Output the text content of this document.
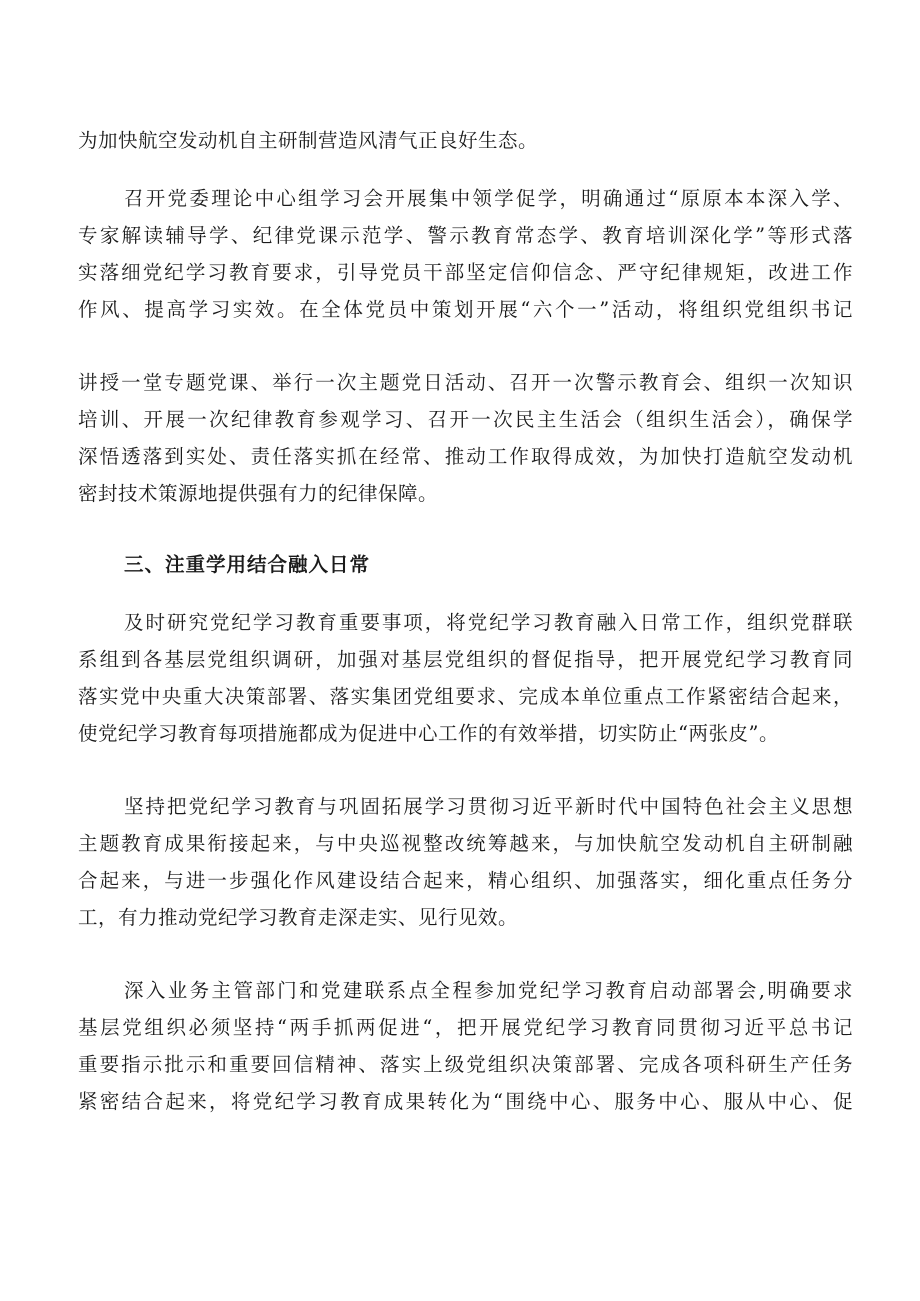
为加快航空发动机自主研制营造风清气正良好生态。
召开党委理论中心组学习会开展集中领学促学，明确通过“原原本本深入学、
专家解读辅导学、纪律党课示范学、警示教育常态学、教育培训深化学”等形式落
实落细党纪学习教育要求，引导党员干部坚定信仰信念、严守纪律规矩，改进工作
作风、提高学习实效。在全体党员中策划开展“六个一”活动，将组织党组织书记
讲授一堂专题党课、举行一次主题党日活动、召开一次警示教育会、组织一次知识
培训、开展一次纪律教育参观学习、召开一次民主生活会（组织生活会），确保学
深悟透落到实处、责任落实抓在经常、推动工作取得成效，为加快打造航空发动机
密封技术策源地提供强有力的纪律保障。
三、注重学用结合融入日常
及时研究党纪学习教育重要事项，将党纪学习教育融入日常工作，组织党群联
系组到各基层党组织调研，加强对基层党组织的督促指导，把开展党纪学习教育同
落实党中央重大决策部署、落实集团党组要求、完成本单位重点工作紧密结合起来，
使党纪学习教育每项措施都成为促进中心工作的有效举措，切实防止“两张皮”。
坚持把党纪学习教育与巩固拓展学习贯彻习近平新时代中国特色社会主义思想
主题教育成果衔接起来，与中央巡视整改统筹越来，与加快航空发动机自主研制融
合起来，与进一步强化作风建设结合起来，精心组织、加强落实，细化重点任务分
工，有力推动党纪学习教育走深走实、见行见效。
深入业务主管部门和党建联系点全程参加党纪学习教育启动部署会,明确要求
基层党组织必须坚持“两手抓两促进“，把开展党纪学习教育同贯彻习近平总书记
重要指示批示和重要回信精神、落实上级党组织决策部署、完成各项科研生产任务
紧密结合起来，将党纪学习教育成果转化为“围绕中心、服务中心、服从中心、促
